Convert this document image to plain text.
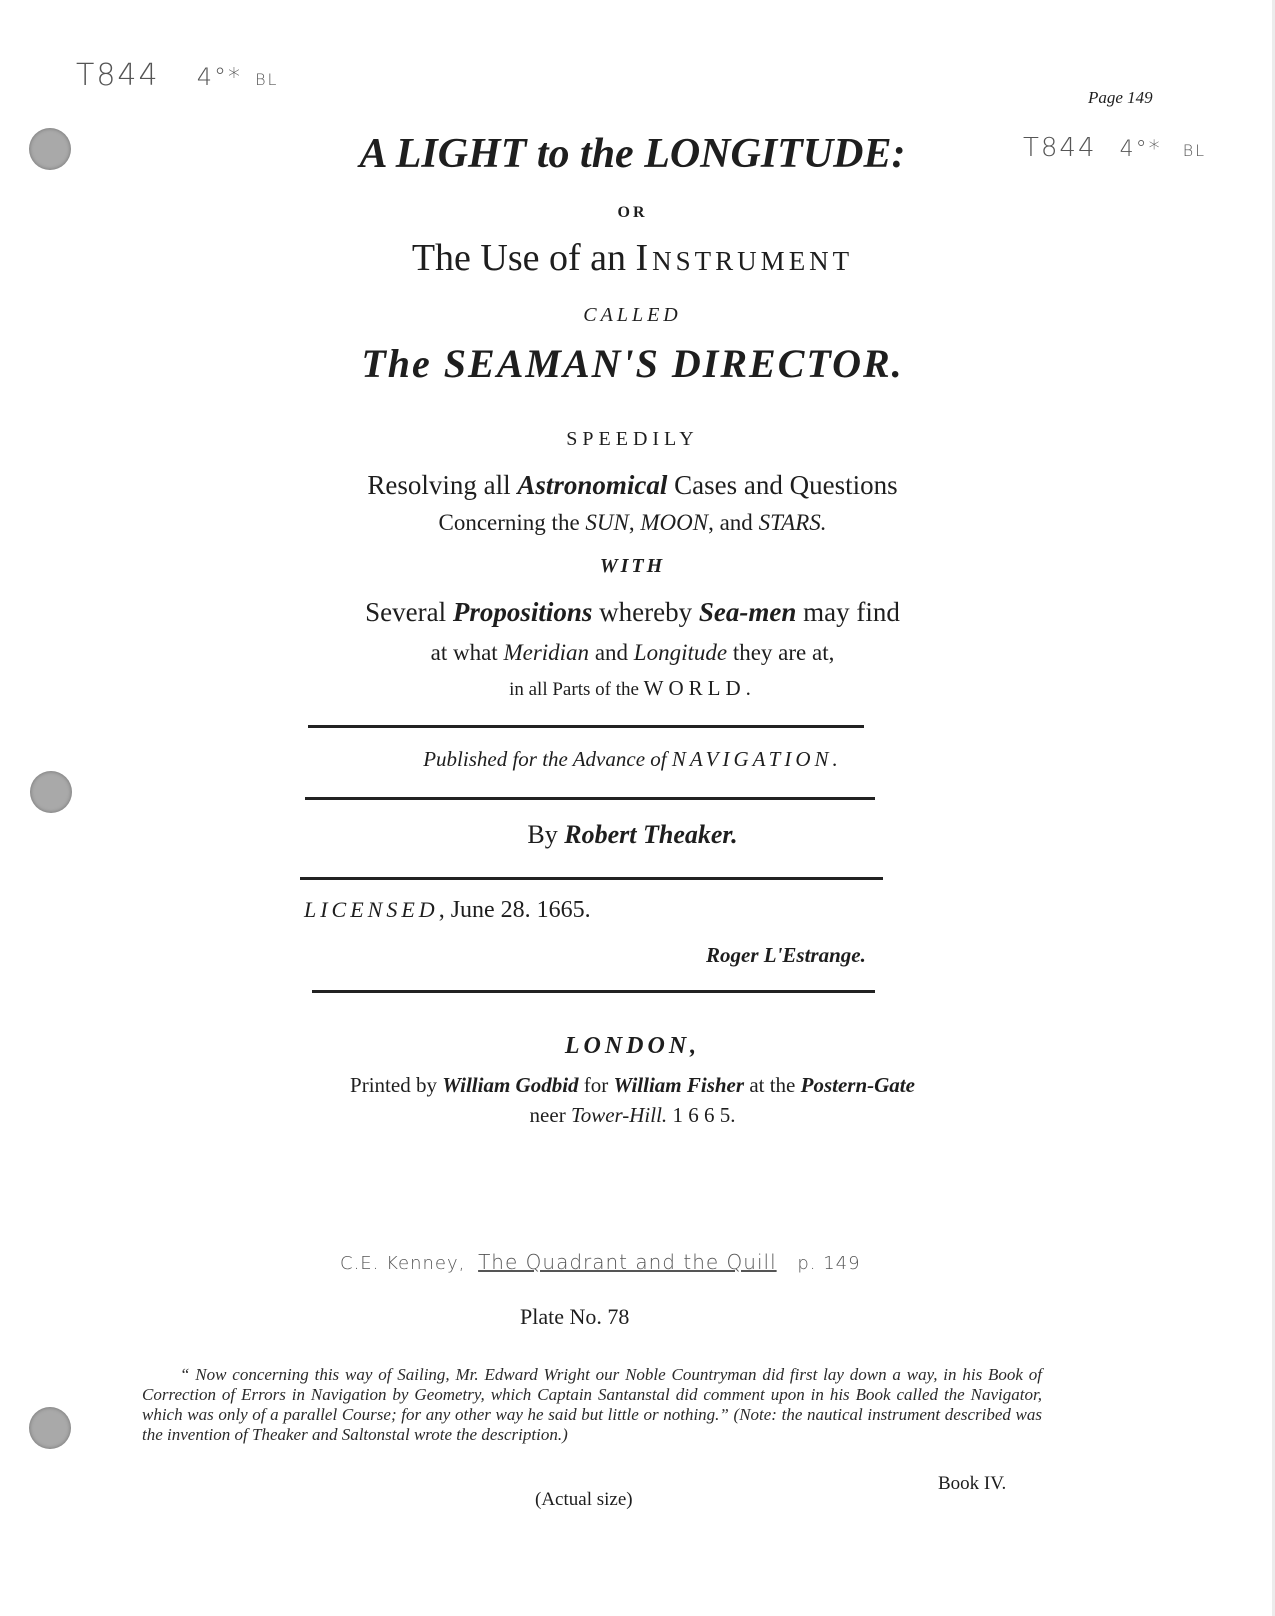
T844 4°* BL
Page 149
T844 4°* BL
A LIGHT to the LONGITUDE:
OR
The Use of an Instrument
CALLED
The SEAMAN'S DIRECTOR.
SPEEDILY
Resolving all Astronomical Cases and Questions
Concerning the SUN, MOON, and STARS.
WITH
Several Propositions whereby Sea-men may find
at what Meridian and Longitude they are at,
in all Parts of the WORLD.
Published for the Advance of NAVIGATION.
By Robert Theaker.
LICENSED, June 28. 1665.
Roger L'Estrange.
LONDON,
Printed by William Godbid for William Fisher at the Postern-Gate
neer Tower-Hill. 1 6 6 5.
C.E. Kenney, The Quadrant and the Quill p. 149
Plate No. 78
“ Now concerning this way of Sailing, Mr. Edward Wright our Noble Countryman did first lay down a way, in his Book of Correction of Errors in Navigation by Geometry, which Captain Santanstal did comment upon in his Book called the Navigator, which was only of a parallel Course; for any other way he said but little or nothing.” (Note: the nautical instrument described was the invention of Theaker and Saltonstal wrote the description.)
Book IV.
(Actual size)
